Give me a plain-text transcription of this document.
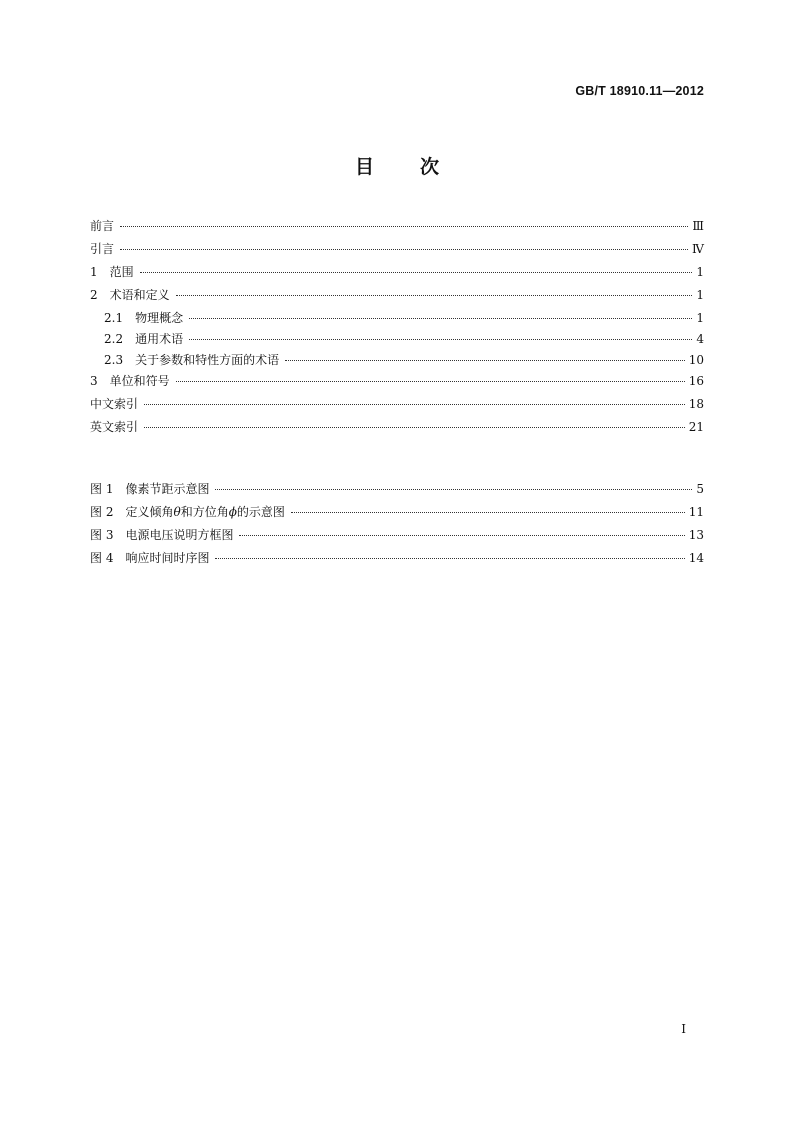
GB/T 18910.11—2012
目 次
前言	Ⅲ
引言	Ⅳ
1 范围	1
2 术语和定义	1
2.1 物理概念	1
2.2 通用术语	4
2.3 关于参数和特性方面的术语	10
3 单位和符号	16
中文索引	18
英文索引	21
图 1 像素节距示意图	5
图 2 定义倾角θ和方位角ϕ的示意图	11
图 3 电源电压说明方框图	13
图 4 响应时间时序图	14
I
